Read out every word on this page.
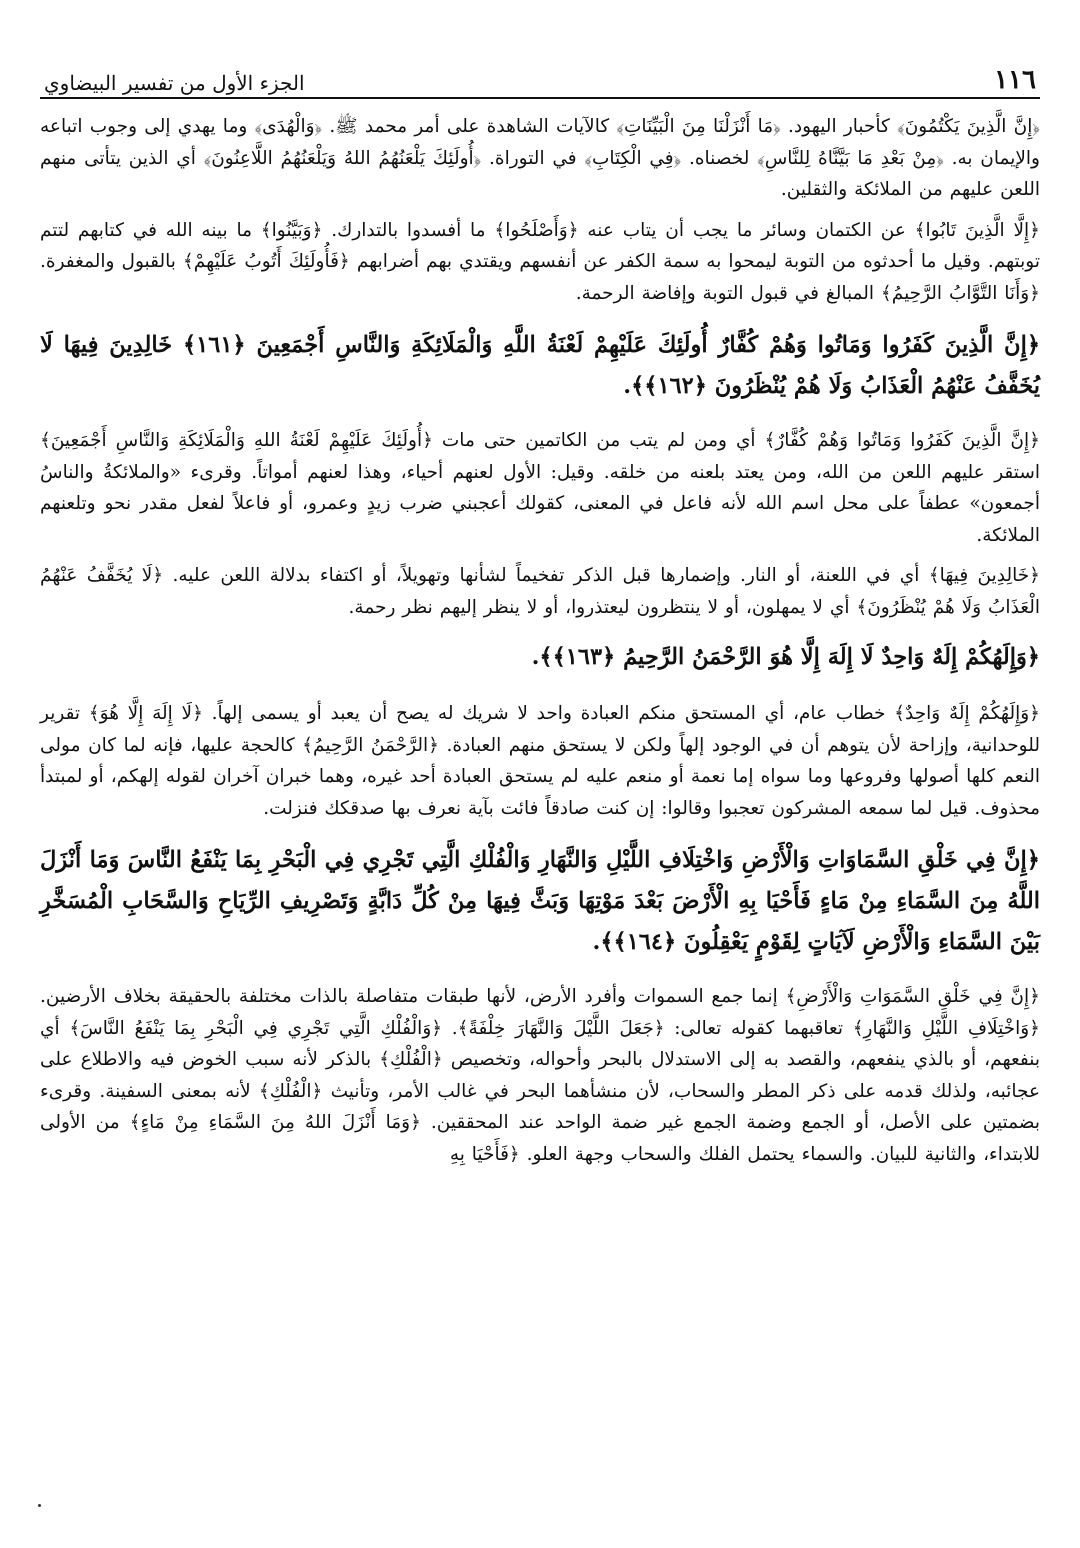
١١٦
الجزء الأول من تفسير البيضاوي

﴿إِنَّ الَّذِينَ يَكْتُمُونَ﴾ كأحبار اليهود. ﴿مَا أَنْزَلْنَا مِنَ الْبَيِّنَاتِ﴾ كالآيات الشاهدة على أمر محمد ﷺ. ﴿وَالْهُدَى﴾ وما يهدي إلى وجوب اتباعه والإيمان به. ﴿مِنْ بَعْدِ مَا بَيَّنَّاهُ لِلنَّاسِ﴾ لخصناه. ﴿فِي الْكِتَابِ﴾ في التوراة. ﴿أُولَئِكَ يَلْعَنُهُمُ اللهُ وَيَلْعَنُهُمُ اللَّاعِنُونَ﴾ أي الذين يتأتى منهم اللعن عليهم من الملائكة والثقلين.

﴿إِلَّا الَّذِينَ تَابُوا﴾ عن الكتمان وسائر ما يجب أن يتاب عنه ﴿وَأَصْلَحُوا﴾ ما أفسدوا بالتدارك. ﴿وَبَيَّنُوا﴾ ما بينه الله في كتابهم لتتم توبتهم. وقيل ما أحدثوه من التوبة ليمحوا به سمة الكفر عن أنفسهم ويقتدي بهم أضرابهم ﴿فَأُولَئِكَ أَتُوبُ عَلَيْهِمْ﴾ بالقبول والمغفرة. ﴿وَأَنَا التَّوَّابُ الرَّحِيمُ﴾ المبالغ في قبول التوبة وإفاضة الرحمة.

﴿إِنَّ الَّذِينَ كَفَرُوا وَمَاتُوا وَهُمْ كُفَّارٌ أُولَئِكَ عَلَيْهِمْ لَعْنَةُ اللَّهِ وَالْمَلَائِكَةِ وَالنَّاسِ أَجْمَعِينَ ﴿١٦١﴾ خَالِدِينَ فِيهَا لَا يُخَفَّفُ عَنْهُمُ الْعَذَابُ وَلَا هُمْ يُنْظَرُونَ ﴿١٦٢﴾﴾.

﴿إِنَّ الَّذِينَ كَفَرُوا وَمَاتُوا وَهُمْ كُفَّارٌ﴾ أي ومن لم يتب من الكاتمين حتى مات ﴿أُولَئِكَ عَلَيْهِمْ لَعْنَةُ اللهِ وَالْمَلَائِكَةِ وَالنَّاسِ أَجْمَعِينَ﴾ استقر عليهم اللعن من الله، ومن يعتد بلعنه من خلقه. وقيل: الأول لعنهم أحياء، وهذا لعنهم أمواتاً. وقرىء «والملائكةُ والناسُ أجمعون» عطفاً على محل اسم الله لأنه فاعل في المعنى، كقولك أعجبني ضرب زيدٍ وعمرو، أو فاعلاً لفعل مقدر نحو وتلعنهم الملائكة.

﴿خَالِدِينَ فِيهَا﴾ أي في اللعنة، أو النار. وإضمارها قبل الذكر تفخيماً لشأنها وتهويلاً، أو اكتفاء بدلالة اللعن عليه. ﴿لَا يُخَفَّفُ عَنْهُمُ الْعَذَابُ وَلَا هُمْ يُنْظَرُونَ﴾ أي لا يمهلون، أو لا ينتظرون ليعتذروا، أو لا ينظر إليهم نظر رحمة.

﴿وَإِلَهُكُمْ إِلَهٌ وَاحِدٌ لَا إِلَهَ إِلَّا هُوَ الرَّحْمَنُ الرَّحِيمُ ﴿١٦٣﴾﴾.

﴿وَإِلَهُكُمْ إِلَهٌ وَاحِدٌ﴾ خطاب عام، أي المستحق منكم العبادة واحد لا شريك له يصح أن يعبد أو يسمى إلهاً. ﴿لَا إِلَهَ إِلَّا هُوَ﴾ تقرير للوحدانية، وإزاحة لأن يتوهم أن في الوجود إلهاً ولكن لا يستحق منهم العبادة. ﴿الرَّحْمَنُ الرَّحِيمُ﴾ كالحجة عليها، فإنه لما كان مولى النعم كلها أصولها وفروعها وما سواه إما نعمة أو منعم عليه لم يستحق العبادة أحد غيره، وهما خبران آخران لقوله إلهكم، أو لمبتدأ محذوف. قيل لما سمعه المشركون تعجبوا وقالوا: إن كنت صادقاً فائت بآية نعرف بها صدقكك فنزلت.

﴿إِنَّ فِي خَلْقِ السَّمَاوَاتِ وَالْأَرْضِ وَاخْتِلَافِ اللَّيْلِ وَالنَّهَارِ وَالْفُلْكِ الَّتِي تَجْرِي فِي الْبَحْرِ بِمَا يَنْفَعُ النَّاسَ وَمَا أَنْزَلَ اللَّهُ مِنَ السَّمَاءِ مِنْ مَاءٍ فَأَحْيَا بِهِ الْأَرْضَ بَعْدَ مَوْتِهَا وَبَثَّ فِيهَا مِنْ كُلِّ دَابَّةٍ وَتَصْرِيفِ الرِّيَاحِ وَالسَّحَابِ الْمُسَخَّرِ بَيْنَ السَّمَاءِ وَالْأَرْضِ لَآيَاتٍ لِقَوْمٍ يَعْقِلُونَ ﴿١٦٤﴾﴾.

﴿إِنَّ فِي خَلْقِ السَّمَوَاتِ وَالْأَرْضِ﴾ إنما جمع السموات وأفرد الأرض، لأنها طبقات متفاصلة بالذات مختلفة بالحقيقة بخلاف الأرضين. ﴿وَاخْتِلَافِ اللَّيْلِ وَالنَّهَارِ﴾ تعاقبهما كقوله تعالى: ﴿جَعَلَ اللَّيْلَ وَالنَّهَارَ خِلْفَةً﴾. ﴿وَالْفُلْكِ الَّتِي تَجْرِي فِي الْبَحْرِ بِمَا يَنْفَعُ النَّاسَ﴾ أي بنفعهم، أو بالذي ينفعهم، والقصد به إلى الاستدلال بالبحر وأحواله، وتخصيص ﴿الْفُلْكِ﴾ بالذكر لأنه سبب الخوض فيه والاطلاع على عجائبه، ولذلك قدمه على ذكر المطر والسحاب، لأن منشأهما البحر في غالب الأمر، وتأنيث ﴿الْفُلْكِ﴾ لأنه بمعنى السفينة. وقرىء بضمتين على الأصل، أو الجمع وضمة الجمع غير ضمة الواحد عند المحققين. ﴿وَمَا أَنْزَلَ اللهُ مِنَ السَّمَاءِ مِنْ مَاءٍ﴾ من الأولى للابتداء، والثانية للبيان. والسماء يحتمل الفلك والسحاب وجهة العلو. ﴿فَأَحْيَا بِهِ
